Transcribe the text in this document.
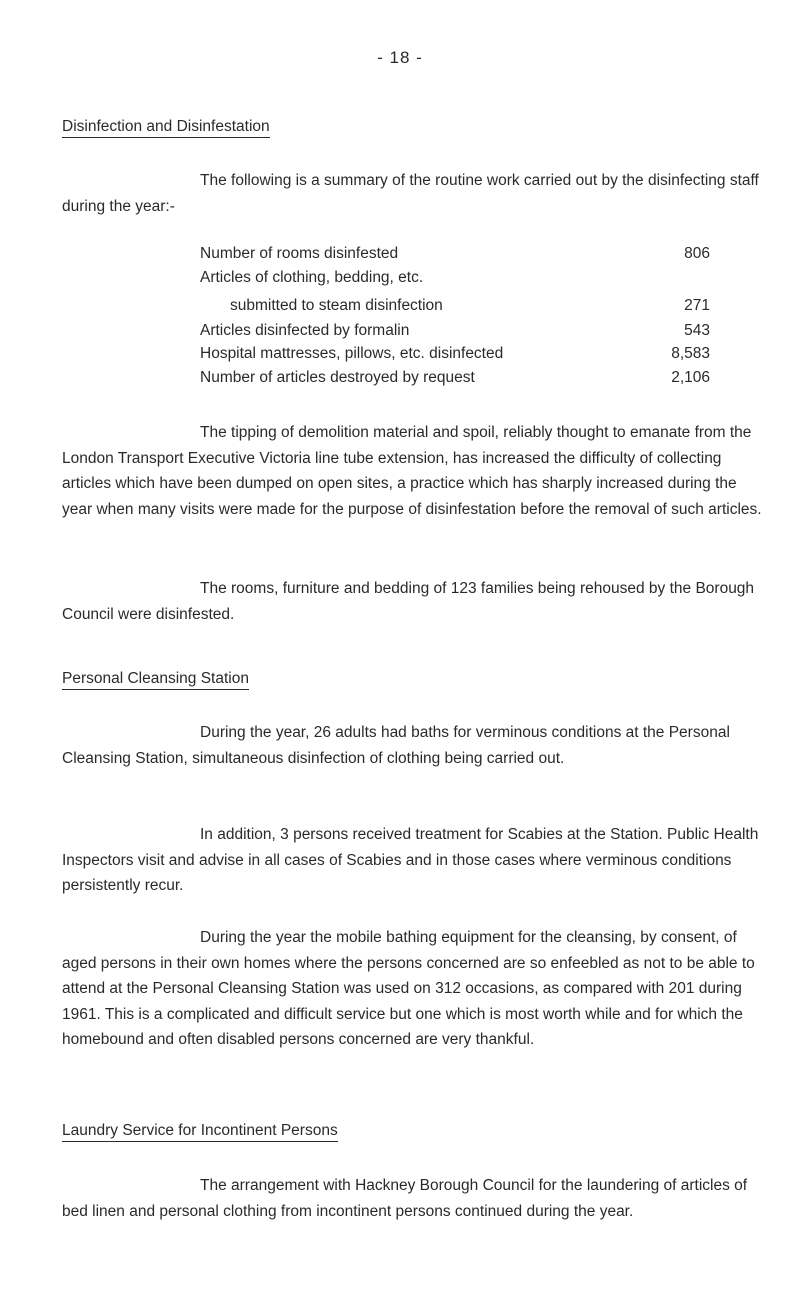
- 18 -
Disinfection and Disinfestation

The following is a summary of the routine work carried out by the disinfecting staff during the year:-

Number of rooms disinfested	806
Articles of clothing, bedding, etc.
submitted to steam disinfection	271
Articles disinfected by formalin	543
Hospital mattresses, pillows, etc. disinfected	8,583
Number of articles destroyed by request	2,106

The tipping of demolition material and spoil, reliably thought to emanate from the London Transport Executive Victoria line tube extension, has increased the difficulty of collecting articles which have been dumped on open sites, a practice which has sharply increased during the year when many visits were made for the purpose of disinfestation before the removal of such articles.

The rooms, furniture and bedding of 123 families being rehoused by the Borough Council were disinfested.

Personal Cleansing Station

During the year, 26 adults had baths for verminous conditions at the Personal Cleansing Station, simultaneous disinfection of clothing being carried out.

In addition, 3 persons received treatment for Scabies at the Station. Public Health Inspectors visit and advise in all cases of Scabies and in those cases where verminous conditions persistently recur.

During the year the mobile bathing equipment for the cleansing, by consent, of aged persons in their own homes where the persons concerned are so enfeebled as not to be able to attend at the Personal Cleansing Station was used on 312 occasions, as compared with 201 during 1961. This is a complicated and difficult service but one which is most worth while and for which the homebound and often disabled persons concerned are very thankful.

Laundry Service for Incontinent Persons

The arrangement with Hackney Borough Council for the laundering of articles of bed linen and personal clothing from incontinent persons continued during the year.
